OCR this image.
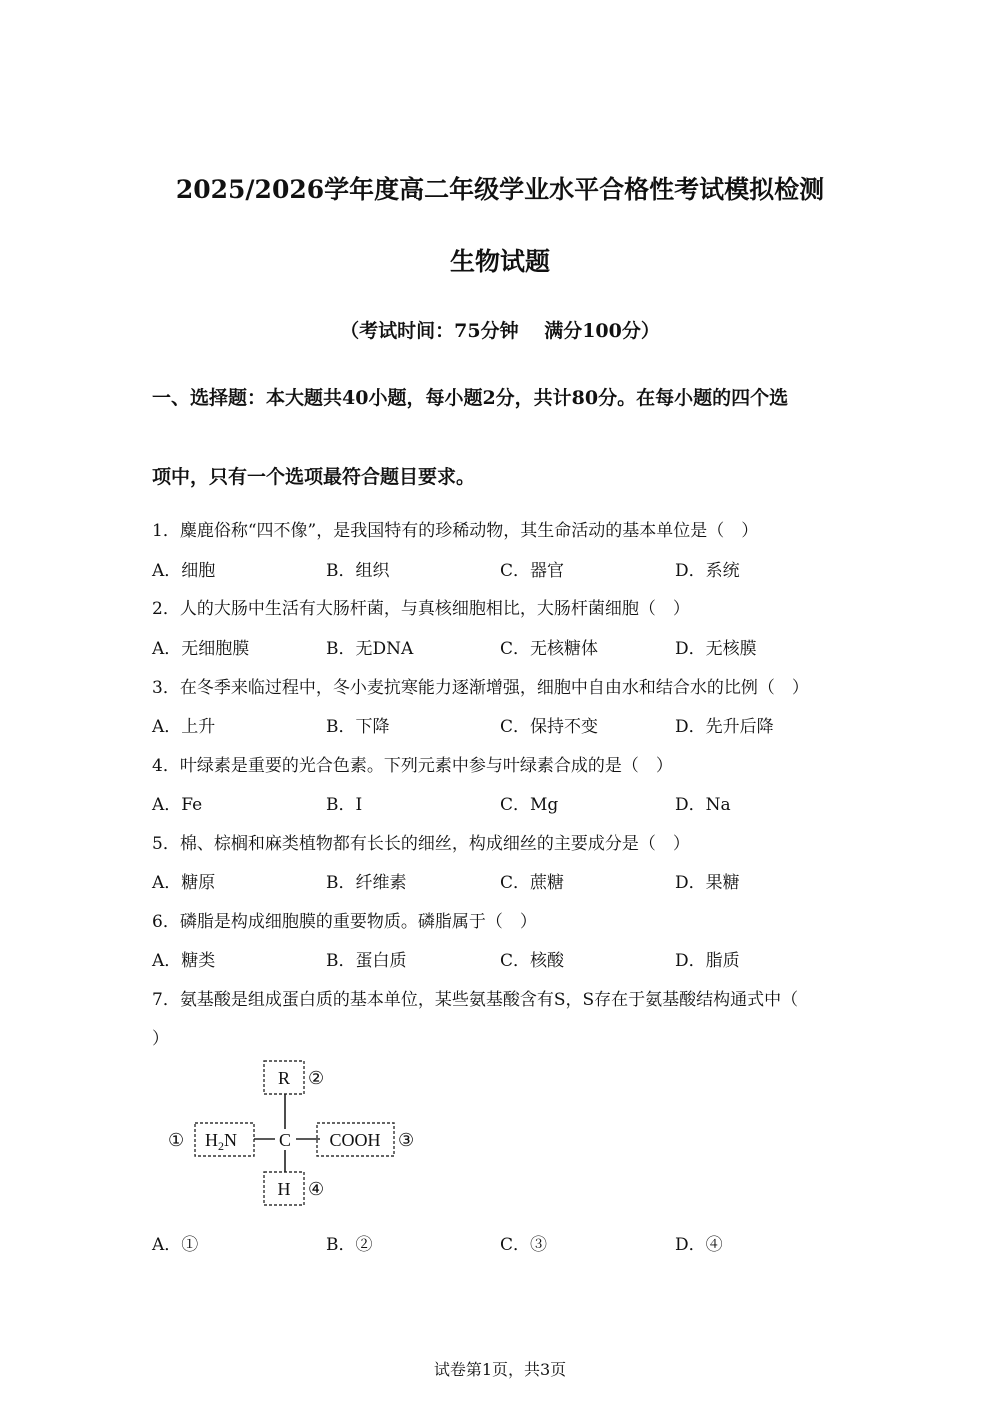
2025/2026学年度高二年级学业水平合格性考试模拟检测
生物试题
（考试时间：75分钟　 满分100分）
一、选择题：本大题共40小题，每小题2分，共计80分。在每小题的四个选
项中，只有一个选项最符合题目要求。
1．麋鹿俗称“四不像”，是我国特有的珍稀动物，其生命活动的基本单位是（　）
A．细胞	B．组织	C．器官	D．系统
2．人的大肠中生活有大肠杆菌，与真核细胞相比，大肠杆菌细胞（　）
A．无细胞膜	B．无DNA	C．无核糖体	D．无核膜
3．在冬季来临过程中，冬小麦抗寒能力逐渐增强，细胞中自由水和结合水的比例（　）
A．上升	B．下降	C．保持不变	D．先升后降
4．叶绿素是重要的光合色素。下列元素中参与叶绿素合成的是（　）
A．Fe	B．I	C．Mg	D．Na
5．棉、棕榈和麻类植物都有长长的细丝，构成细丝的主要成分是（　）
A．糖原	B．纤维素	C．蔗糖	D．果糖
6．磷脂是构成细胞膜的重要物质。磷脂属于（　）
A．糖类	B．蛋白质	C．核酸	D．脂质
7．氨基酸是组成蛋白质的基本单位，某些氨基酸含有S，S存在于氨基酸结构通式中（
）
R
C
H
COOH
$H_2N$
①
②
③
④
A．①	B．②	C．③	D．④
试卷第1页，共3页
